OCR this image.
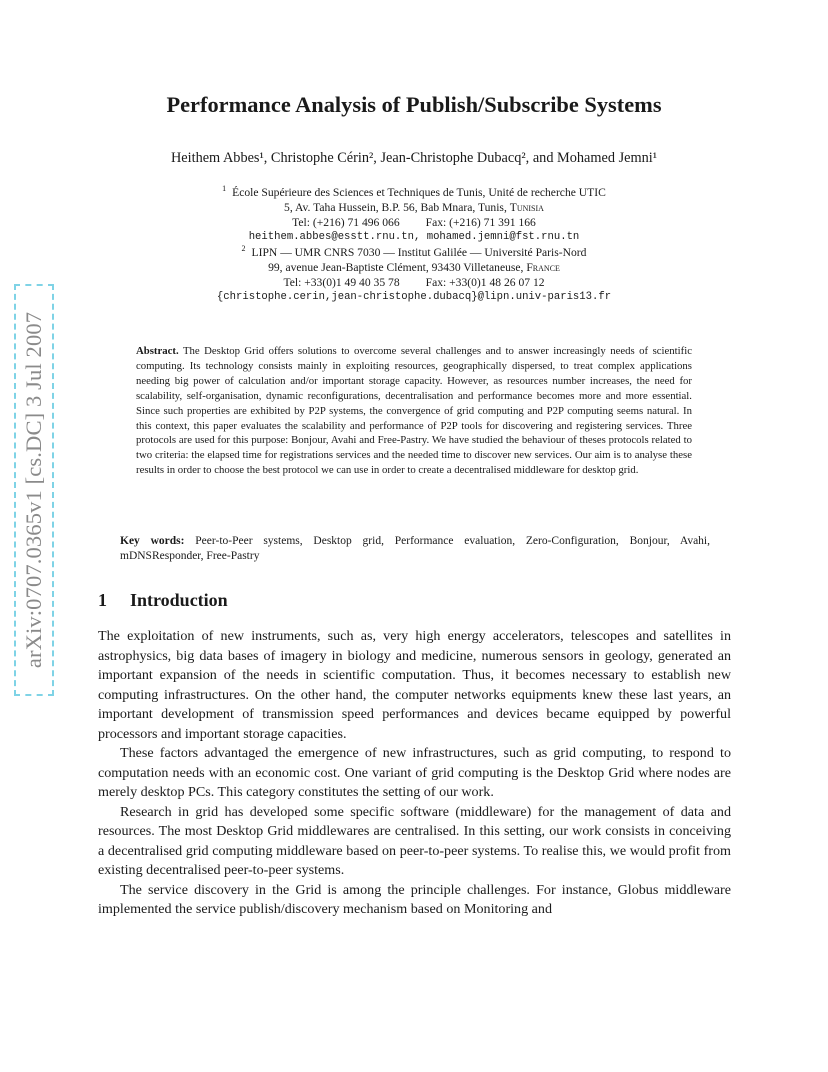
arXiv:0707.0365v1 [cs.DC] 3 Jul 2007
Performance Analysis of Publish/Subscribe Systems
Heithem Abbes¹, Christophe Cérin², Jean-Christophe Dubacq², and Mohamed Jemni¹
$^1$ École Supérieure des Sciences et Techniques de Tunis, Unité de recherche UTIC
5, Av. Taha Hussein, B.P. 56, Bab Mnara, Tunis, Tunisia
Tel: (+216) 71 496 066 Fax: (+216) 71 391 166
heithem.abbes@esstt.rnu.tn, mohamed.jemni@fst.rnu.tn
$^2$ LIPN — UMR CNRS 7030 — Institut Galilée — Université Paris-Nord
99, avenue Jean-Baptiste Clément, 93430 Villetaneuse, France
Tel: +33(0)1 49 40 35 78 Fax: +33(0)1 48 26 07 12
{christophe.cerin,jean-christophe.dubacq}@lipn.univ-paris13.fr
Abstract. The Desktop Grid offers solutions to overcome several challenges and to answer increasingly needs of scientific computing. Its technology consists mainly in exploiting resources, geographically dispersed, to treat complex applications needing big power of calculation and/or important storage capacity. However, as resources number increases, the need for scalability, self-organisation, dynamic reconfigurations, decentralisation and performance becomes more and more essential. Since such properties are exhibited by P2P systems, the convergence of grid computing and P2P computing seems natural. In this context, this paper evaluates the scalability and performance of P2P tools for discovering and registering services. Three protocols are used for this purpose: Bonjour, Avahi and Free-Pastry. We have studied the behaviour of theses protocols related to two criteria: the elapsed time for registrations services and the needed time to discover new services. Our aim is to analyse these results in order to choose the best protocol we can use in order to create a decentralised middleware for desktop grid.
Key words: Peer-to-Peer systems, Desktop grid, Performance evaluation, Zero-Configuration, Bonjour, Avahi, mDNSResponder, Free-Pastry
1 Introduction

The exploitation of new instruments, such as, very high energy accelerators, telescopes and satellites in astrophysics, big data bases of imagery in biology and medicine, numerous sensors in geology, generated an important expansion of the needs in scientific computation. Thus, it becomes necessary to establish new computing infrastructures. On the other hand, the computer networks equipments knew these last years, an important development of transmission speed performances and devices became equipped by powerful processors and important storage capacities.

These factors advantaged the emergence of new infrastructures, such as grid computing, to respond to computation needs with an economic cost. One variant of grid computing is the Desktop Grid where nodes are merely desktop PCs. This category constitutes the setting of our work.

Research in grid has developed some specific software (middleware) for the management of data and resources. The most Desktop Grid middlewares are centralised. In this setting, our work consists in conceiving a decentralised grid computing middleware based on peer-to-peer systems. To realise this, we would profit from existing decentralised peer-to-peer systems.

The service discovery in the Grid is among the principle challenges. For instance, Globus middleware implemented the service publish/discovery mechanism based on Monitoring and
